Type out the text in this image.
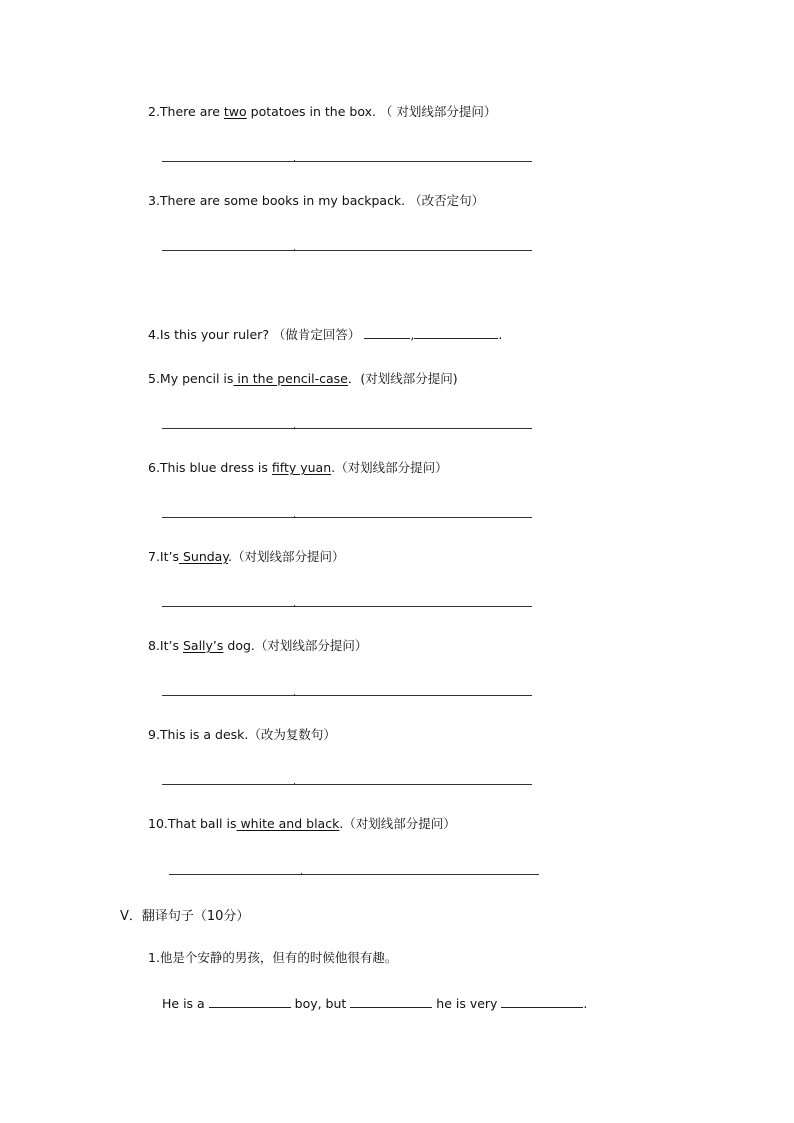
2.There are two potatoes in the box. （ 对划线部分提问）
3.There are some books in my backpack. （改否定句）
4.Is this your ruler? （做肯定回答）	,	.
5.My pencil is in the pencil-case．(对划线部分提问)
6.This blue dress is fifty yuan.（对划线部分提问）
7.It’s Sunday.（对划线部分提问）
8.It’s Sally’s dog.（对划线部分提问）
9.This is a desk.（改为复数句）
10.That ball is white and black.（对划线部分提问）
V．翻译句子（10分）
1.他是个安静的男孩，但有的时候他很有趣。
He is a	boy, but	he is very	.
